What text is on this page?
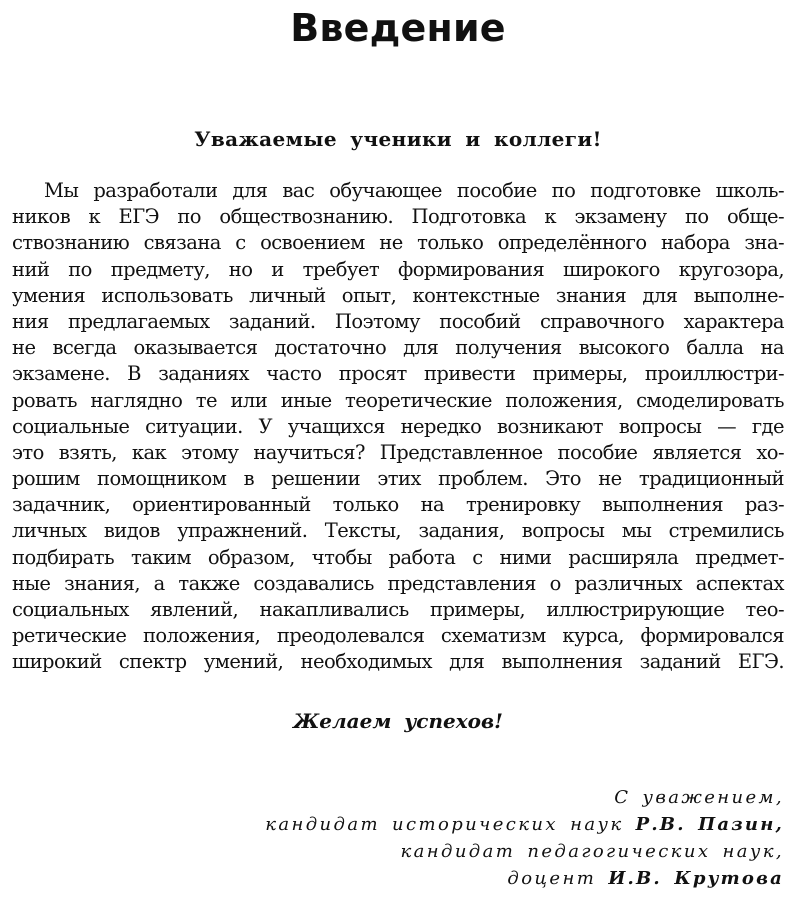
Введение
Уважаемые ученики и коллеги!
Мы разработали для вас обучающее пособие по подготовке школь-
ников к ЕГЭ по обществознанию. Подготовка к экзамену по обще-
ствознанию связана с освоением не только определённого набора зна-
ний по предмету, но и требует формирования широкого кругозора,
умения использовать личный опыт, контекстные знания для выполне-
ния предлагаемых заданий. Поэтому пособий справочного характера
не всегда оказывается достаточно для получения высокого балла на
экзамене. В заданиях часто просят привести примеры, проиллюстри-
ровать наглядно те или иные теоретические положения, смоделировать
социальные ситуации. У учащихся нередко возникают вопросы — где
это взять, как этому научиться? Представленное пособие является хо-
рошим помощником в решении этих проблем. Это не традиционный
задачник, ориентированный только на тренировку выполнения раз-
личных видов упражнений. Тексты, задания, вопросы мы стремились
подбирать таким образом, чтобы работа с ними расширяла предмет-
ные знания, а также создавались представления о различных аспектах
социальных явлений, накапливались примеры, иллюстрирующие тео-
ретические положения, преодолевался схематизм курса, формировался
широкий спектр умений, необходимых для выполнения заданий ЕГЭ.
Желаем успехов!
С уважением,
кандидат исторических наук Р.В. Пазин,
кандидат педагогических наук,
доцент И.В. Крутова
